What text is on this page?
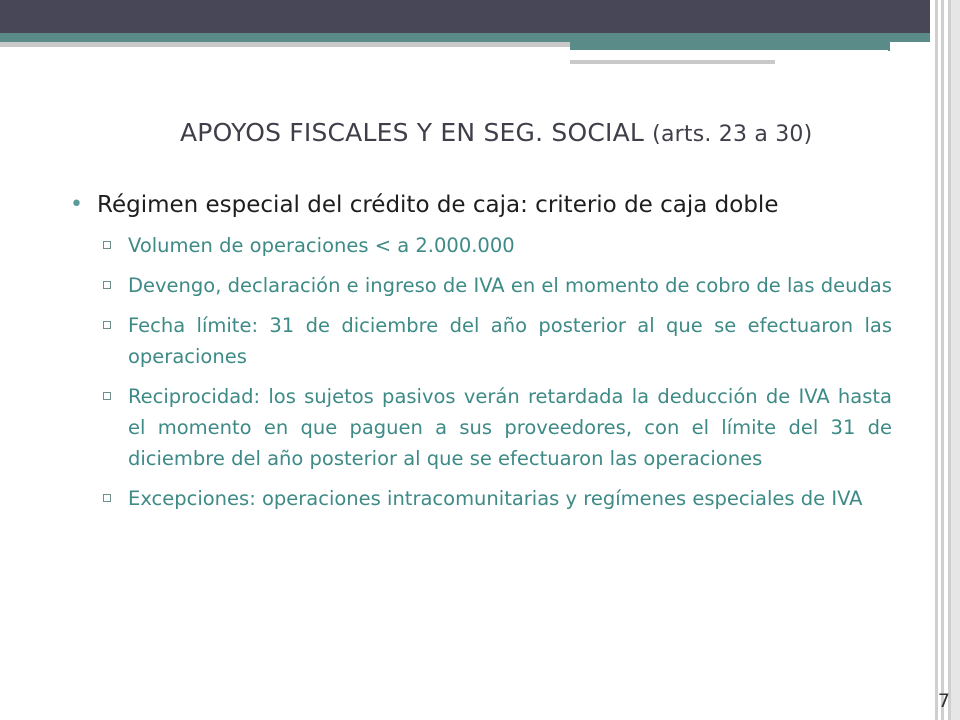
APOYOS FISCALES Y EN SEG. SOCIAL (arts. 23 a 30)
• Régimen especial del crédito de caja: criterio de caja doble
Volumen de operaciones < a 2.000.000
Devengo, declaración e ingreso de IVA en el momento de cobro de las deudas
Fecha límite: 31 de diciembre del año posterior al que se efectuaron las operaciones
Reciprocidad: los sujetos pasivos verán retardada la deducción de IVA hasta el momento en que paguen a sus proveedores, con el límite del 31 de diciembre del año posterior al que se efectuaron las operaciones
Excepciones: operaciones intracomunitarias y regímenes especiales de IVA
7
